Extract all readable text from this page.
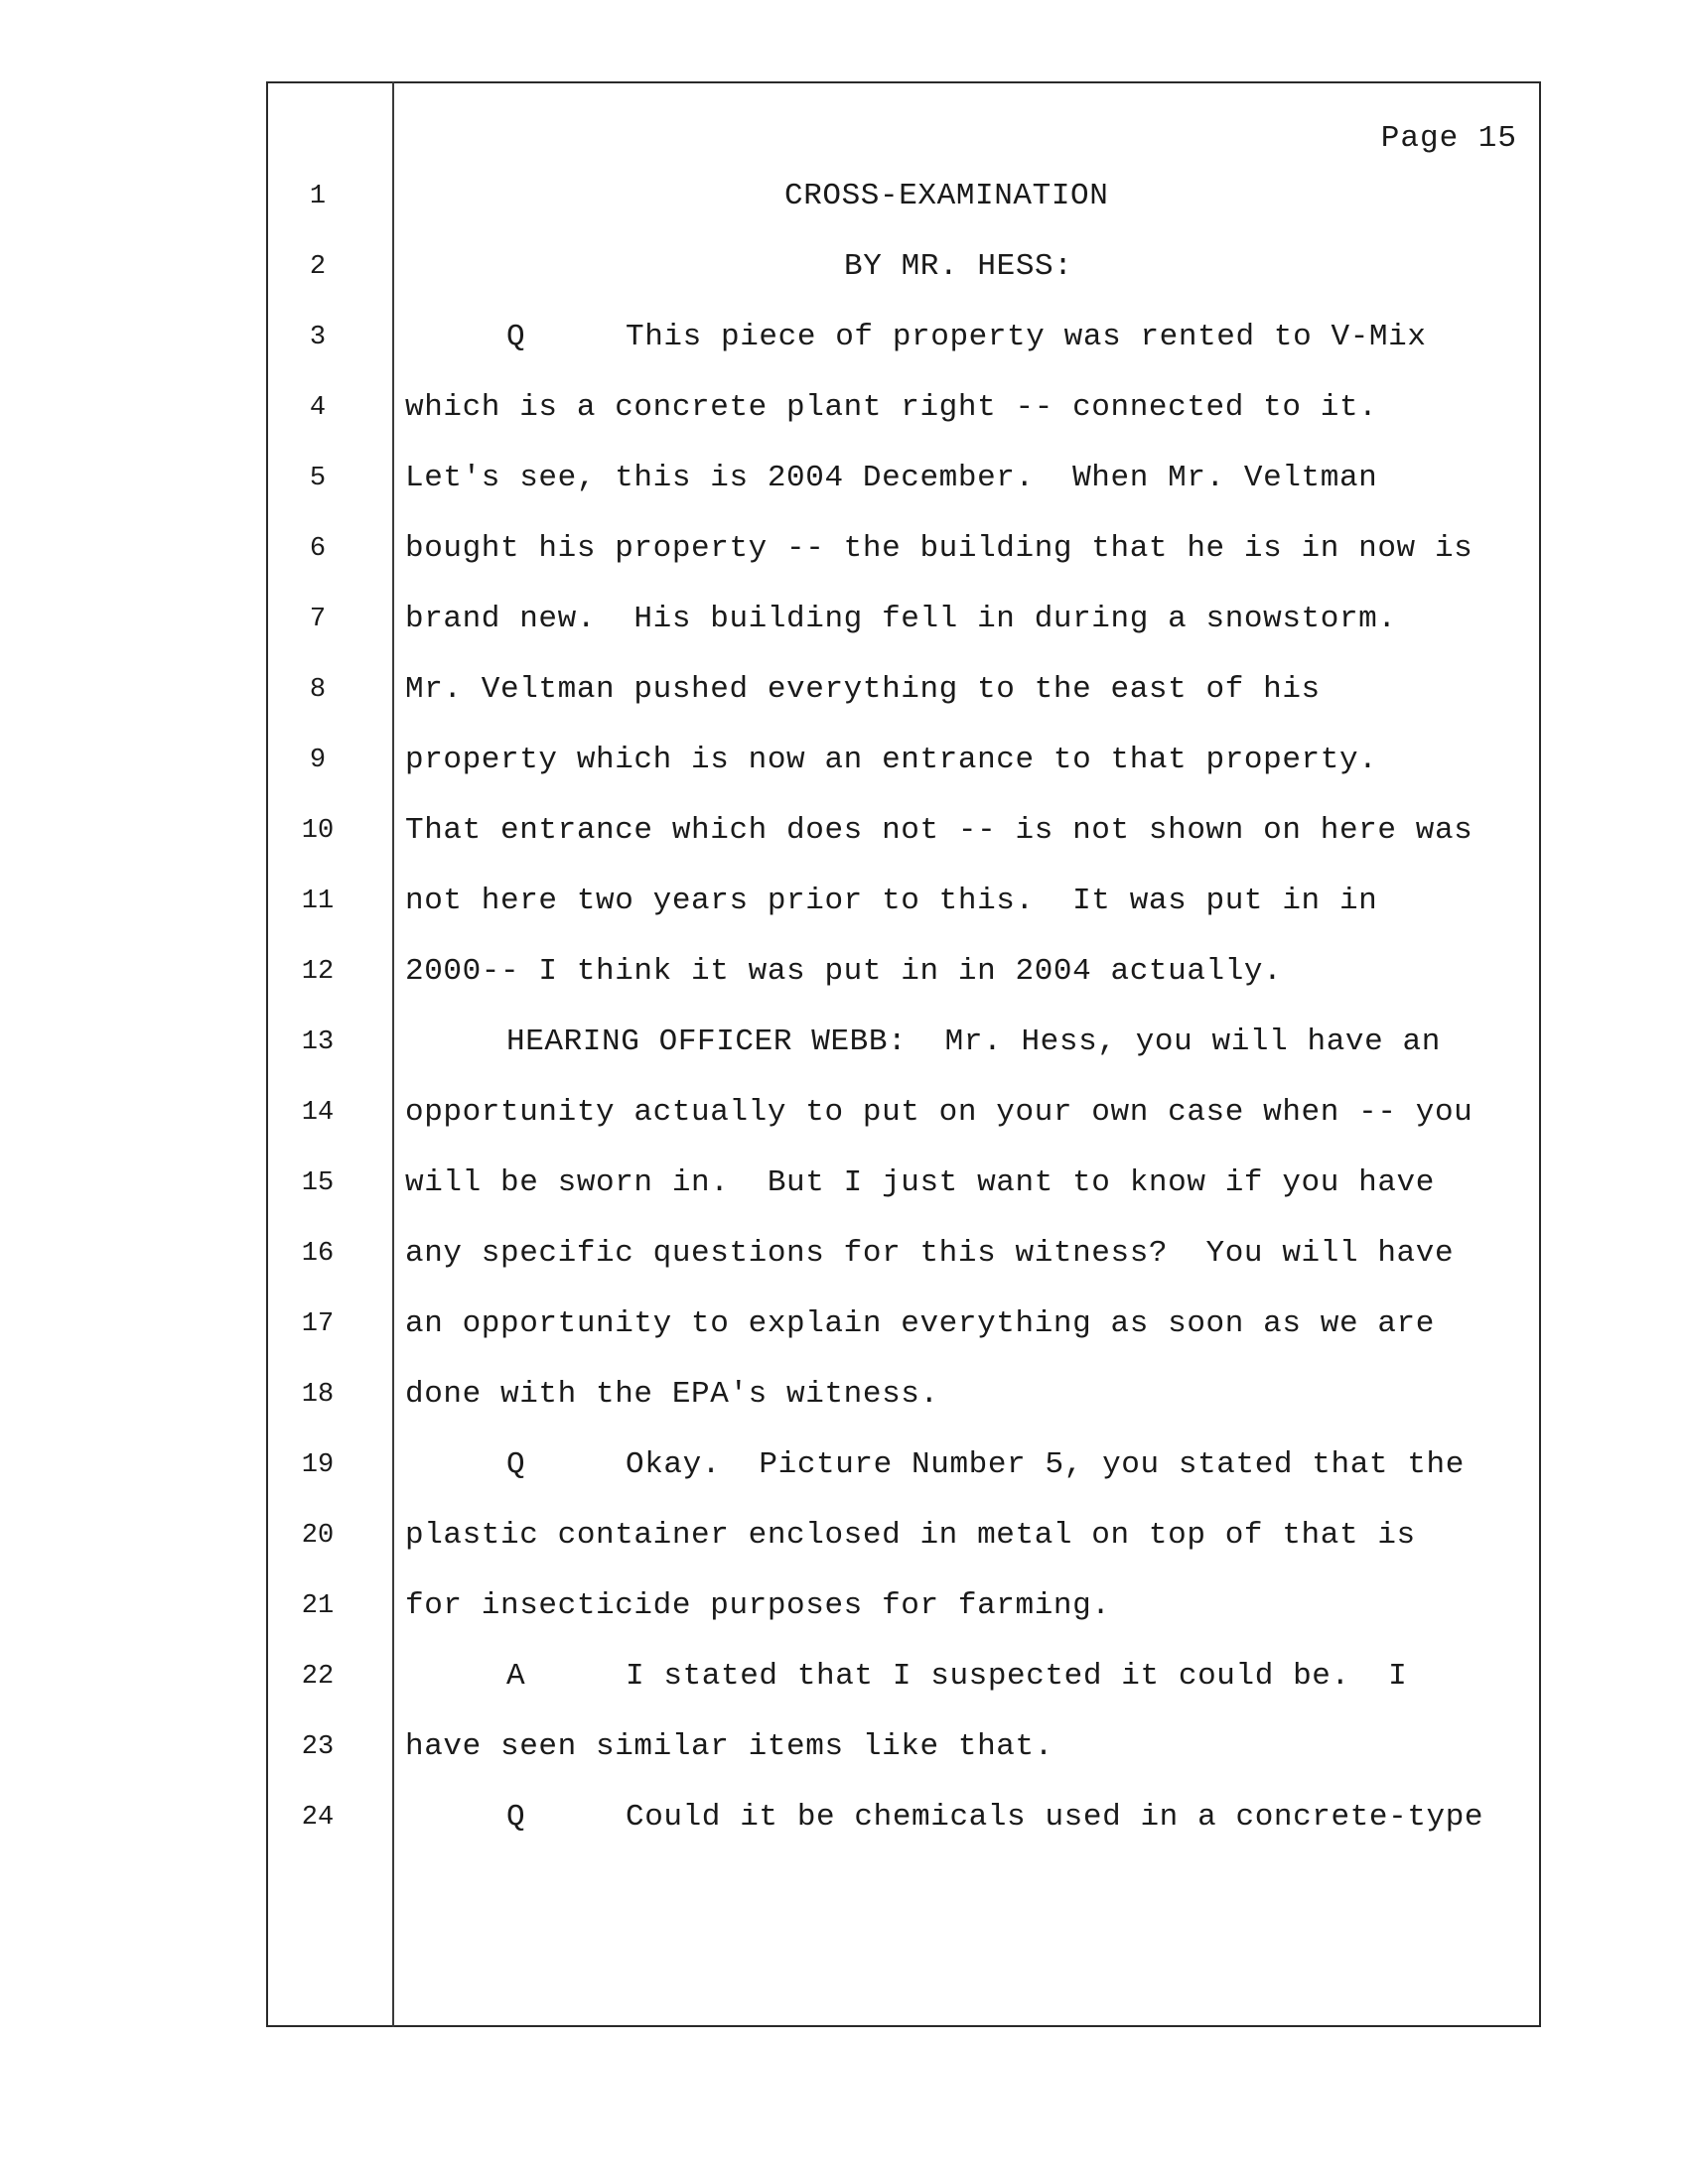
Page 15
1	CROSS-EXAMINATION
2	BY MR. HESS:
3	Q	This piece of property was rented to V-Mix
4	which is a concrete plant right -- connected to it.
5	Let's see, this is 2004 December.  When Mr. Veltman
6	bought his property -- the building that he is in now is
7	brand new.  His building fell in during a snowstorm.
8	Mr. Veltman pushed everything to the east of his
9	property which is now an entrance to that property.
10	That entrance which does not -- is not shown on here was
11	not here two years prior to this.  It was put in in
12	2000-- I think it was put in in 2004 actually.
13	HEARING OFFICER WEBB:  Mr. Hess, you will have an
14	opportunity actually to put on your own case when -- you
15	will be sworn in.  But I just want to know if you have
16	any specific questions for this witness?  You will have
17	an opportunity to explain everything as soon as we are
18	done with the EPA's witness.
19	Q	Okay.  Picture Number 5, you stated that the
20	plastic container enclosed in metal on top of that is
21	for insecticide purposes for farming.
22	A	I stated that I suspected it could be.  I
23	have seen similar items like that.
24	Q	Could it be chemicals used in a concrete-type
